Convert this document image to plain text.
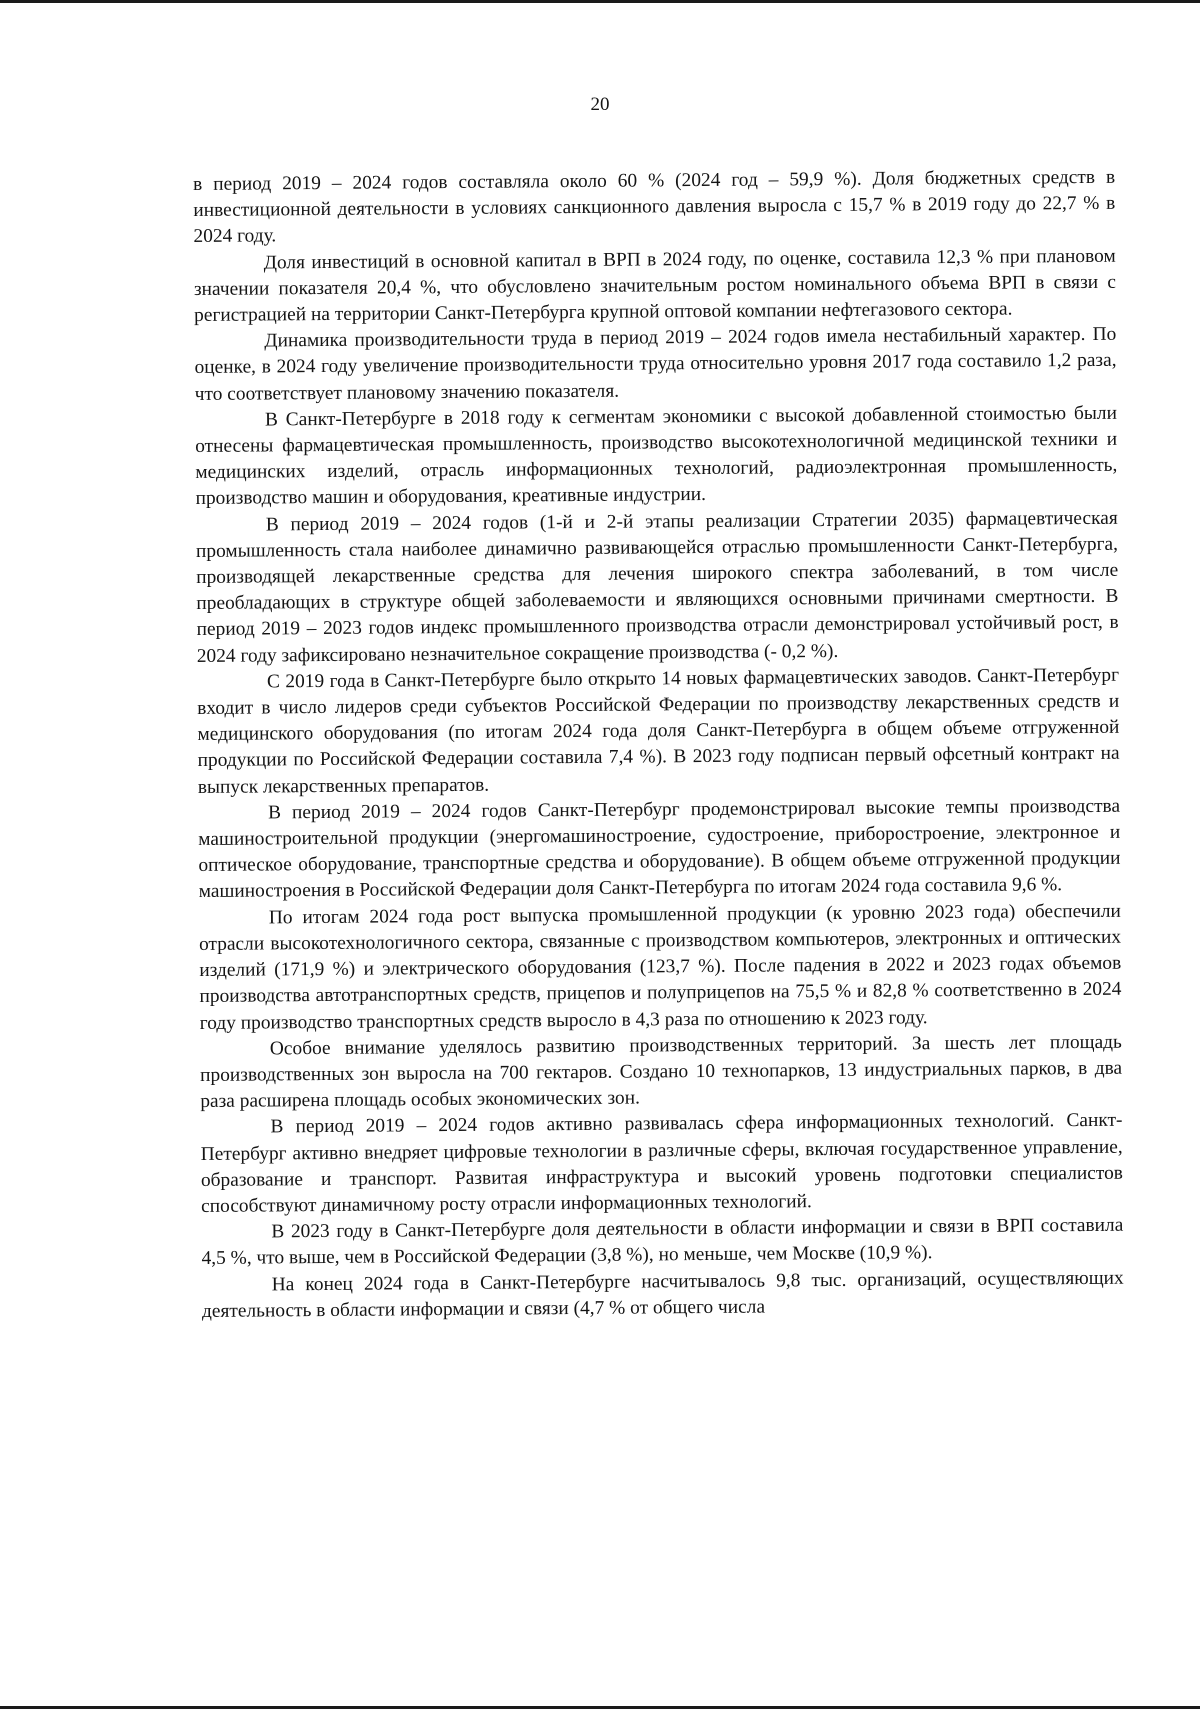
20

в период 2019 – 2024 годов составляла около 60 % (2024 год – 59,9 %). Доля бюджетных средств в инвестиционной деятельности в условиях санкционного давления выросла с 15,7 % в 2019 году до 22,7 % в 2024 году.

Доля инвестиций в основной капитал в ВРП в 2024 году, по оценке, составила 12,3 % при плановом значении показателя 20,4 %, что обусловлено значительным ростом номинального объема ВРП в связи с регистрацией на территории Санкт-Петербурга крупной оптовой компании нефтегазового сектора.

Динамика производительности труда в период 2019 – 2024 годов имела нестабильный характер. По оценке, в 2024 году увеличение производительности труда относительно уровня 2017 года составило 1,2 раза, что соответствует плановому значению показателя.

В Санкт-Петербурге в 2018 году к сегментам экономики с высокой добавленной стоимостью были отнесены фармацевтическая промышленность, производство высокотехнологичной медицинской техники и медицинских изделий, отрасль информационных технологий, радиоэлектронная промышленность, производство машин и оборудования, креативные индустрии.

В период 2019 – 2024 годов (1-й и 2-й этапы реализации Стратегии 2035) фармацевтическая промышленность стала наиболее динамично развивающейся отраслью промышленности Санкт-Петербурга, производящей лекарственные средства для лечения широкого спектра заболеваний, в том числе преобладающих в структуре общей заболеваемости и являющихся основными причинами смертности. В период 2019 – 2023 годов индекс промышленного производства отрасли демонстрировал устойчивый рост, в 2024 году зафиксировано незначительное сокращение производства (- 0,2 %).

С 2019 года в Санкт-Петербурге было открыто 14 новых фармацевтических заводов. Санкт-Петербург входит в число лидеров среди субъектов Российской Федерации по производству лекарственных средств и медицинского оборудования (по итогам 2024 года доля Санкт-Петербурга в общем объеме отгруженной продукции по Российской Федерации составила 7,4 %). В 2023 году подписан первый офсетный контракт на выпуск лекарственных препаратов.

В период 2019 – 2024 годов Санкт-Петербург продемонстрировал высокие темпы производства машиностроительной продукции (энергомашиностроение, судостроение, приборостроение, электронное и оптическое оборудование, транспортные средства и оборудование). В общем объеме отгруженной продукции машиностроения в Российской Федерации доля Санкт-Петербурга по итогам 2024 года составила 9,6 %.

По итогам 2024 года рост выпуска промышленной продукции (к уровню 2023 года) обеспечили отрасли высокотехнологичного сектора, связанные с производством компьютеров, электронных и оптических изделий (171,9 %) и электрического оборудования (123,7 %). После падения в 2022 и 2023 годах объемов производства автотранспортных средств, прицепов и полуприцепов на 75,5 % и 82,8 % соответственно в 2024 году производство транспортных средств выросло в 4,3 раза по отношению к 2023 году.

Особое внимание уделялось развитию производственных территорий. За шесть лет площадь производственных зон выросла на 700 гектаров. Создано 10 технопарков, 13 индустриальных парков, в два раза расширена площадь особых экономических зон.

В период 2019 – 2024 годов активно развивалась сфера информационных технологий. Санкт-Петербург активно внедряет цифровые технологии в различные сферы, включая государственное управление, образование и транспорт. Развитая инфраструктура и высокий уровень подготовки специалистов способствуют динамичному росту отрасли информационных технологий.

В 2023 году в Санкт-Петербурге доля деятельности в области информации и связи в ВРП составила 4,5 %, что выше, чем в Российской Федерации (3,8 %), но меньше, чем Москве (10,9 %).

На конец 2024 года в Санкт-Петербурге насчитывалось 9,8 тыс. организаций, осуществляющих деятельность в области информации и связи (4,7 % от общего числа
